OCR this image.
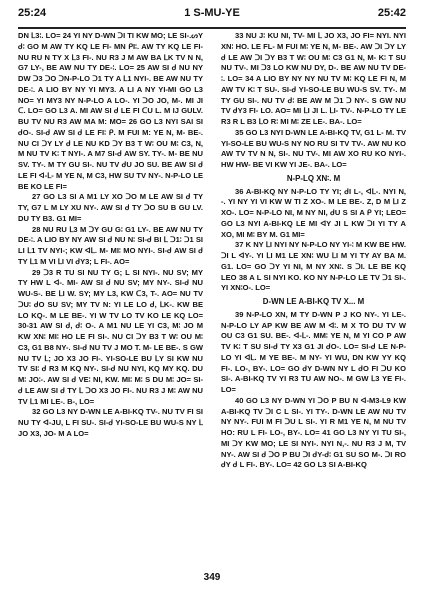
25:24	1 S-MU-YE	25:42

DN ᒪ3∶. LO= 24 YI NY D-WN ᑐI TI KW MO; LE SI-.ᔕY ᑯ∶ GO M AW TY KQ LE FI- MN ᑭI∶. AW TY KQ LE FI- NU RU N TY X ᒪ3 FI-. NU R3 J M AW BA ᒪK TV N N, G7 LY-, BE AW NU TY DE-∶. LO= 25 AW SI ᑯ NU NY DW ᑐ3 ᑐO ᑐN-P-LO ᑐ1 TY A ᒪ1 NYI-. BE AW NU TY DE-∶. A LIO BY NY YI MY3. A LI A NY YI-MI GO L3 NO= YI MY3 NY N-P-LO A LO-. YI ᑐO JO, M-. MI JI ᑕ. LO= GO L3 A. MI AW SI ᑯ LE FI ᑕU L. M IJ GULV. BU TV NU R3 AW MA M: MO= 26 GO L3 NYI SAI SI ᑯO-. SI-ᑯ AW SI ᑯ LE FI∶ ᑭ. M FUI M: YE N, M- BE-. NU CI ᑐY LY ᑯ LE NU KD ᑐY B3 T W∶ OU M∶ C3, N, M NU TV K∶ T NYI-. A M7 SI-ᑯ AW SY. TY-. M- BE NU SV. TY-. M TY GU SI-. NU TV ᑯU JO SU. BE AW SI ᑯ LE FI ᐊ-ᒪ- M YE N, M C3, HW SU TV NY-. N-P-LO LE BE KO LE FI=

27 GO L3 SI A M1 LY XO ᑐO M LE AW SI ᑯ TY TY, G7 L M LY XU NY-. AW SI ᑯ TY ᑐO SU B GU LV. DU TY B3. G1 MI=

28 NU RU ᒪ3 M ᑐY GU G∶ G1 LY-. BE AW NU TY DE-∶. A LIO BY NY AW SI ᑯ NU N∶ SI-ᑯ BI ᒪ ᑐ1∶ ᑐ1 SI LI ᒪ1 TV NYI-; KW ᐊᒪ. M- MI∶ MO NYI-. SI-ᑯ AW SI ᑯ TY ᒪ1 M VI ᒪI VI ᑯY3; L FI-. AO=

29 ᑐ3 R TU SI NU TY G; L SI NYI-. NU SV; MY TY HW L ᐊ-. MI- AW SI ᑯ NU SV; MY NY-. SI-ᑯ NU WU-S-. BE ᒪI W. SY; MY L3, KW ᑕ3, T-. AO= NU TV ᑐU∶ ᑯO SU SV; MY TV N: YI LE LO ᑯ, ᒪK-. KW BE LO KQ-. M LE BE-. YI W TV LO TV KO LE KQ LO= 30-31 AW SI ᑯ, ᑯ∶ O-. A M1 NU LE YI C3, M∶ JO M KW XN∶ MI∶ HO LE FI SI-. NU CI ᑐY B3 T W∶ OU M∶ C3, G1 B8 NY-. SI-ᑯ NU TV J MO T. M- LE BE-. S GW NU TV ᒪ; JO X3 JO FI-. YI-SO-LE BU ᒪY SI KW NU TV SI∶ ᑯ R3 M KQ NY-. SI-ᑯ NU NYI, KQ MY KQ. DU M∶ JO∶-. AW SI ᑯ VE∶ NI, KW. MI∶ M∶ S DU M∶ JO= SI-ᑯ LE AW SI ᑯ TY ᒪ ᑐO X3 JO FI-. NU R3 J M∶ AW NU TV ᒪ1 MI LE-. B-, LO=

32 GO L3 NY D-WN LE A-BI-KQ TV-. NU TV FI SI NU TY ᐊ-JU, L FI SU-. SI-ᑯ YI-SO-LE BU WU-S NY ᒪ JO X3, JO- M A LO=

33 NU J∶ KU NI, TV- MI ᒪ JO X3, JO FI= NYI. NYI XN∶ HO. LE FL- M FUI M∶ YE N, M- BE-. AW ᑐI ᑐY LY ᑯ LE AW ᑐI ᑐY B3 T W∶ OU M∶ C3 G1 N, M- K∶ T SU NU TV-. MI ᑐ3 LO KW NU DY, D-. BE AW NU TV DE-∶. LO= 34 A LIO BY NY NY NU TV M∶ KQ LE FI N, M AW TV K∶ T SU-. SI-ᑯ YI-SO-LE BU WU-S SV. TY-. M TY GU SI-. NU TV ᑯ∶ BE AW M ᑐ1 ᑐ NY-. S GW NU TV ᑯY3 FI- LO. AO= MI ᒪI JI L. ᒪI- TV-. N-P-LO TY LE R3 R L B3 ᒪO R∶ MI M∶ ZE LE-. BA-. LO=

35 GO L3 NYI D-WN LE A-BI-KQ TV, G1 L- M. TV YI-SO-LE BU WU-S NY NO RU SI TV TV-. AW NU KO AW TV TV N N, SI-. NU TV-. MI AW XO RU KO NYI-. HW HW- BE VI KW YI JE-. BA-. LO=

N-P-LQ XN∶. M

36 A-BI-KQ NY N-P-LO TY YI; ᑯI L-, ᐊᒪ-. NYI N, -. YI NY YI VI KW W TI Z XO-. M LE BE-. Z, D M ᒪI Z XO-. LO= N-P-LO NI, M NY NI, ᑯU S SI A ᑭ YI; LEO= GO L3 NYI A-BI-KQ LE MI ᐊY JI L KW ᑐI YI TY A XO, MI M∶ BY M. G1 MI=

37 K NY ᒪI NYI NY N-P-LO NY YI-∶ M KW BE HW. ᑐI L ᐊY-. YI ᒪI M1 LE XN∶ WU ᒪI M YI TY AY BA M. G1. LO= GO ᑐY YI NI, M NY XN∶. S ᑐI. LE BE KQ LEO 38 A L SI NYI KO. KO NY N-P-LO LE TV ᑐ1 SI-. YI XN∶O-. LO=

D-WN LE A-BI-KQ TV X... M

39 N-P-LO XN, M TY D-WN P J KO NY-. YI LE-. N-P-LO LY AP KW BE AW M ᐊ∶. M X TO DU TV W OU C3 G1 SU. BE-. ᐊ-ᒪ-. MM∶ YE N, M YI CO P AW TV K∶ T SU SI-ᑯ TY X3 G1 JI ᑯO-. LO= SI-ᑯ LE N-P-LO YI ᐊᒪ. M YE BE-. M NY- YI WU, DN KW YY KQ FI-. LO-, BY-. LO= GO ᑯY D-WN NY L ᑯO FI ᑐU KO SI-. A-BI-KQ TV YI R3 TU AW NO-. M GW ᒪ3 YE FI-. LO=

40 GO L3 NY D-WN YI ᑐO P BU N ᐊ-M3-L9 KW A-BI-KQ TV ᑐI C L SI-. YI TY-. D-WN LE AW NU TV NY NY-. FUI M FI ᑐU L SI-. YI R M1 YE N, M NU TV HO: RU L FI- LO-, BY-. LO= 41 GO L3 NY YI TU SI-, MI ᑐY KW MO; LE SI NYI-. NYI N,-. NU R3 J M, TV NY-. AW SI ᑯ ᑐO P BU ᑐI ᑯY-ᑯ∶ G1 SU SO M-. ᑐI RO ᑯY ᑯ L FI-. BY-. LO= 42 GO L3 SI A-BI-KQ

349
